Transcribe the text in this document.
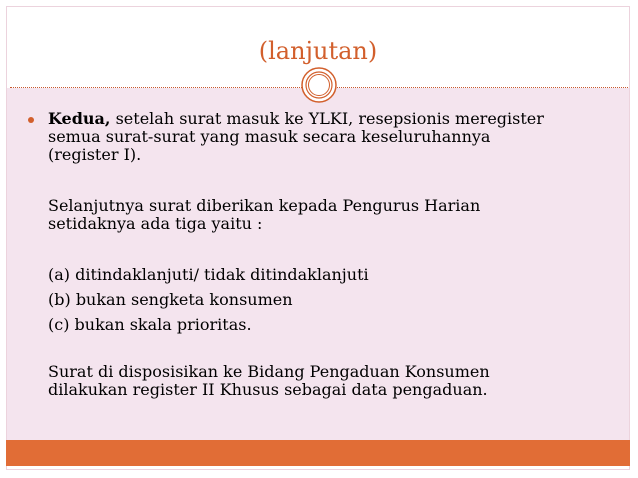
(lanjutan)
Kedua, setelah surat masuk ke YLKI, resepsionis meregister
semua surat-surat yang masuk secara keseluruhannya
(register I).
Selanjutnya surat diberikan kepada Pengurus Harian
setidaknya ada tiga yaitu :
(a) ditindaklanjuti/ tidak ditindaklanjuti
(b) bukan sengketa konsumen
(c) bukan skala prioritas.
Surat di disposisikan ke Bidang Pengaduan Konsumen
dilakukan register II Khusus sebagai data pengaduan.
